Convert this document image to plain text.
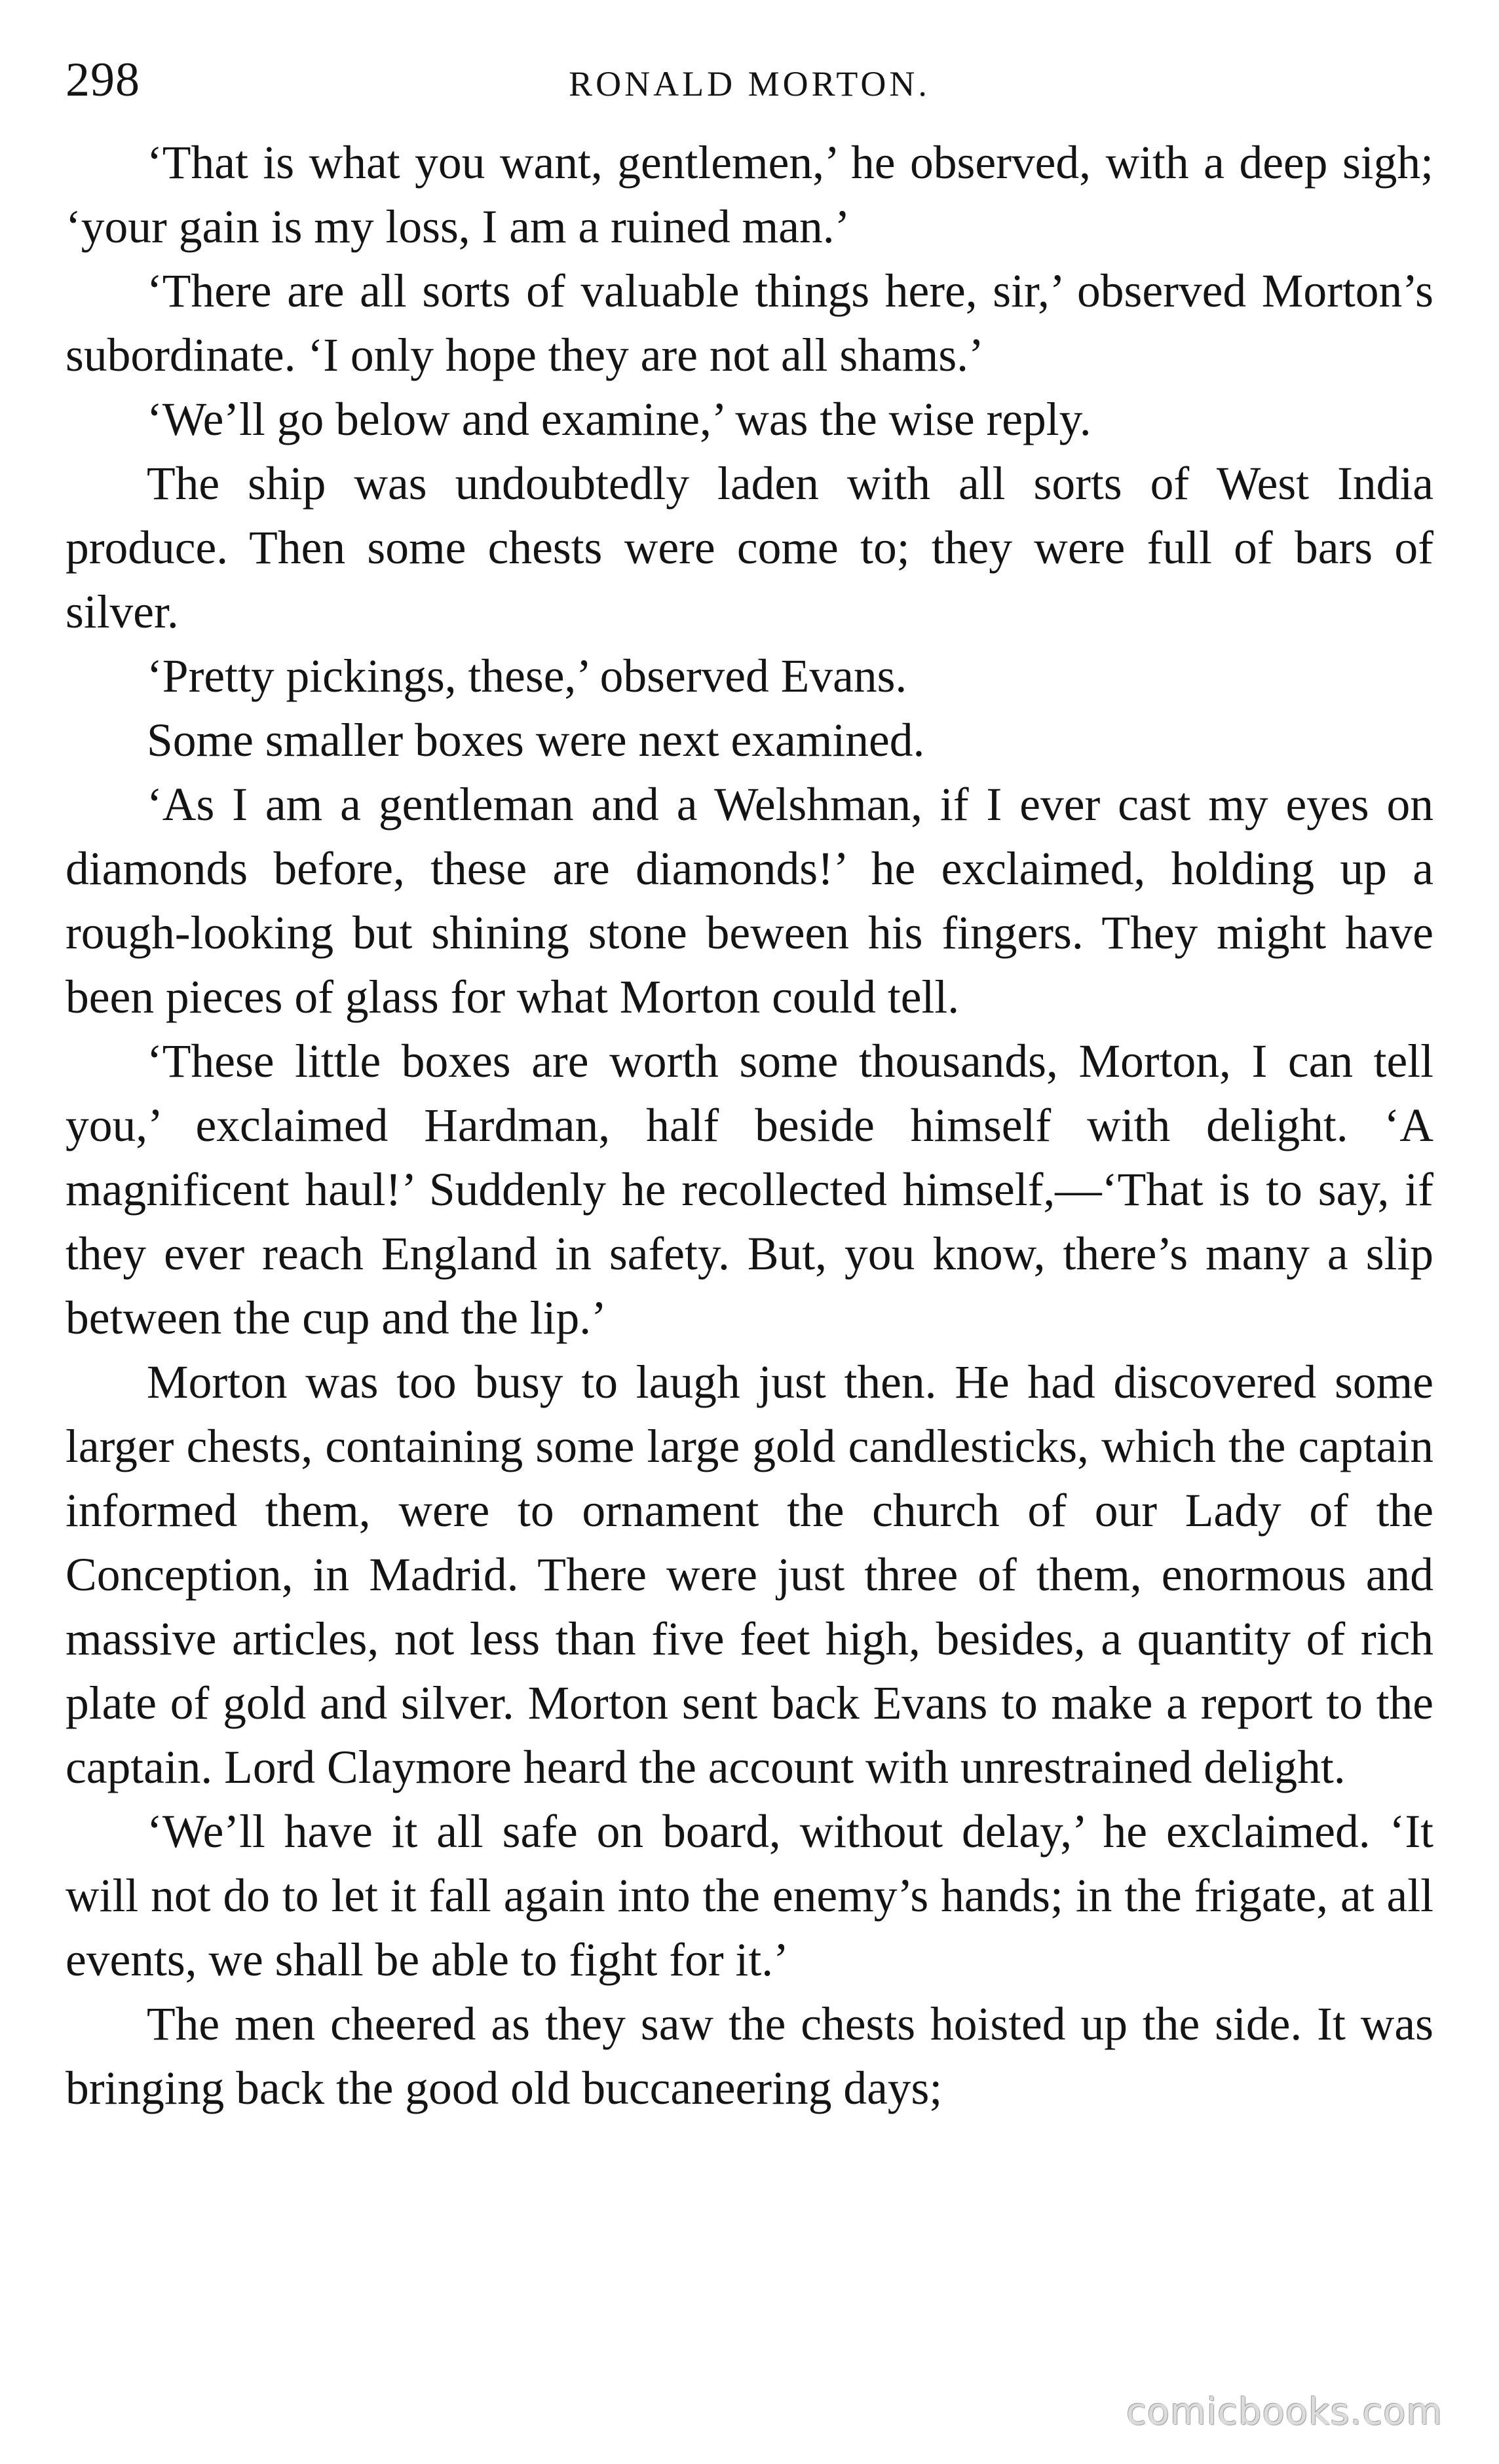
298	RONALD MORTON.

‘That is what you want, gentlemen,’ he observed, with a deep sigh; ‘your gain is my loss, I am a ruined man.’

‘There are all sorts of valuable things here, sir,’ observed Morton’s subordinate. ‘I only hope they are not all shams.’

‘We’ll go below and examine,’ was the wise reply.

The ship was undoubtedly laden with all sorts of West India produce. Then some chests were come to; they were full of bars of silver.

‘Pretty pickings, these,’ observed Evans.

Some smaller boxes were next examined.

‘As I am a gentleman and a Welshman, if I ever cast my eyes on diamonds before, these are diamonds!’ he exclaimed, holding up a rough-looking but shining stone beween his fingers. They might have been pieces of glass for what Morton could tell.

‘These little boxes are worth some thousands, Morton, I can tell you,’ exclaimed Hardman, half beside himself with delight. ‘A magnificent haul!’ Suddenly he recollected himself,—‘That is to say, if they ever reach England in safety. But, you know, there’s many a slip between the cup and the lip.’

Morton was too busy to laugh just then. He had discovered some larger chests, containing some large gold candlesticks, which the captain informed them, were to ornament the church of our Lady of the Conception, in Madrid. There were just three of them, enormous and massive articles, not less than five feet high, besides, a quantity of rich plate of gold and silver. Morton sent back Evans to make a report to the captain. Lord Claymore heard the account with unrestrained delight.

‘We’ll have it all safe on board, without delay,’ he exclaimed. ‘It will not do to let it fall again into the enemy’s hands; in the frigate, at all events, we shall be able to fight for it.’

The men cheered as they saw the chests hoisted up the side. It was bringing back the good old buccaneering days;

comicbooks.com
